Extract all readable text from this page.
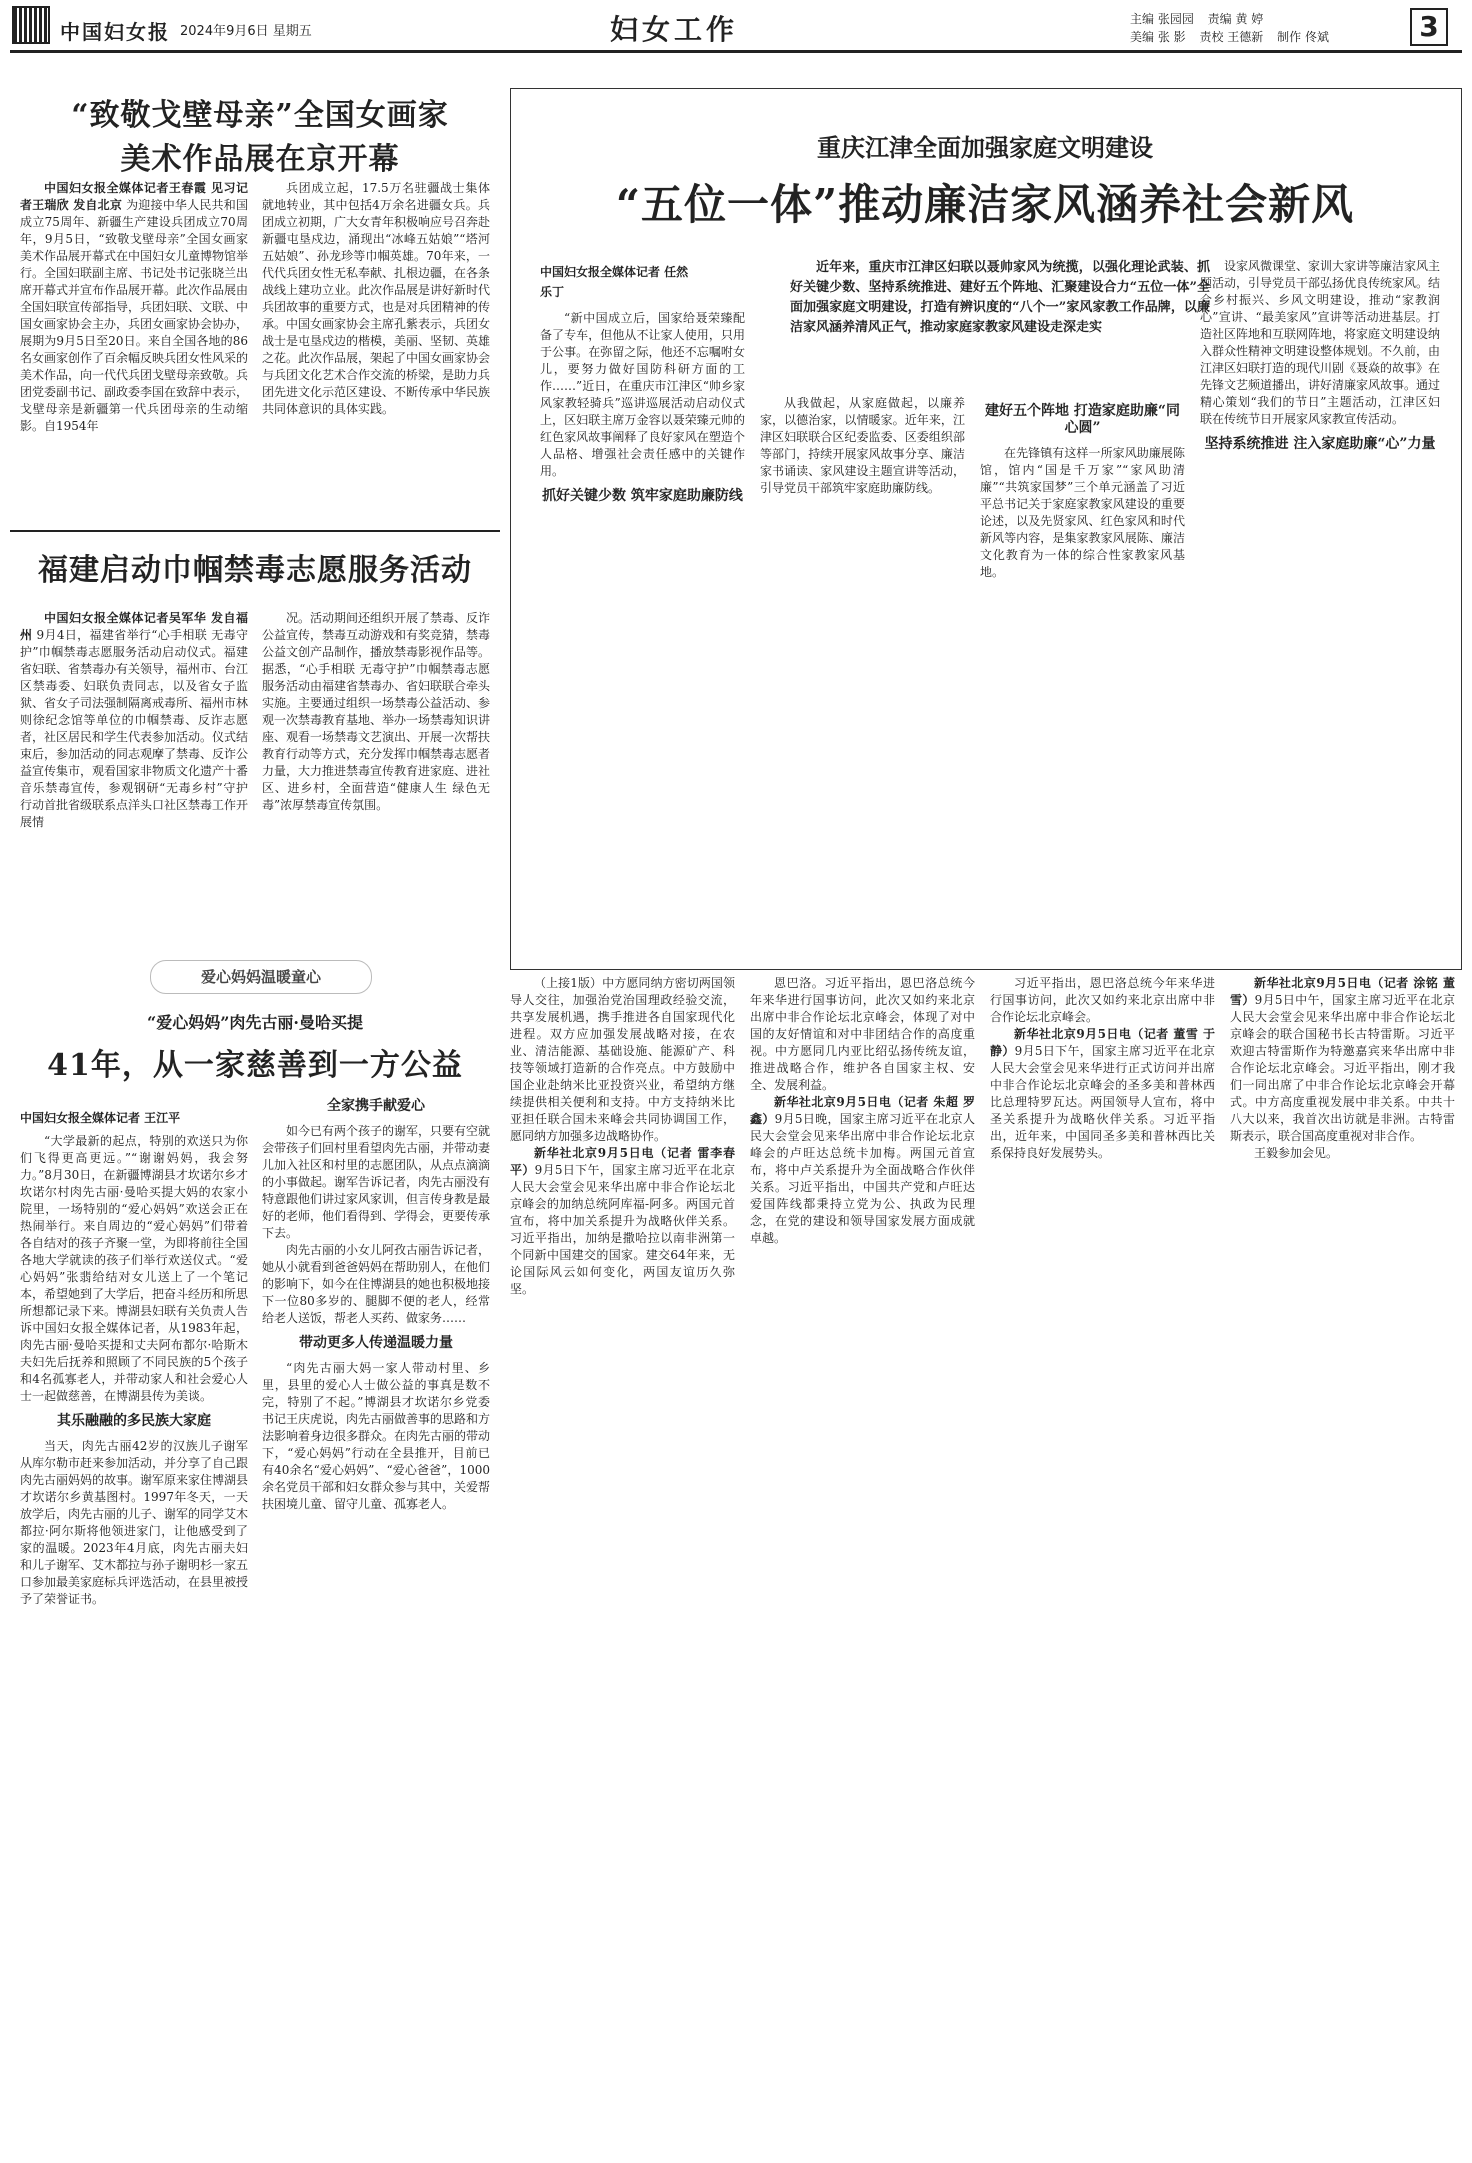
中国妇女报 2024年9月6日 星期五	妇女工作	主编 张园园 责编 黄 婷
美编 张 影 责校 王德新 制作 佟斌	3
“致敬戈壁母亲”全国女画家
美术作品展在京开幕

中国妇女报全媒体记者王春霞 见习记者王瑞欣 发自北京 为迎接中华人民共和国成立75周年、新疆生产建设兵团成立70周年，9月5日，“致敬戈壁母亲”全国女画家美术作品展开幕式在中国妇女儿童博物馆举行。全国妇联副主席、书记处书记张晓兰出席开幕式并宣布作品展开幕。此次作品展由全国妇联宣传部指导，兵团妇联、文联、中国女画家协会主办，兵团女画家协会协办，展期为9月5日至20日。来自全国各地的86名女画家创作了百余幅反映兵团女性风采的美术作品，向一代代兵团戈壁母亲致敬。兵团党委副书记、副政委李国在致辞中表示，戈壁母亲是新疆第一代兵团母亲的生动缩影。自1954年

兵团成立起，17.5万名驻疆战士集体就地转业，其中包括4万余名进疆女兵。兵团成立初期，广大女青年积极响应号召奔赴新疆屯垦戍边，涌现出“冰峰五姑娘”“塔河五姑娘”、孙龙珍等巾帼英雄。70年来，一代代兵团女性无私奉献、扎根边疆，在各条战线上建功立业。此次作品展是讲好新时代兵团故事的重要方式，也是对兵团精神的传承。中国女画家协会主席孔紫表示，兵团女战士是屯垦戍边的楷模，美丽、坚韧、英雄之花。此次作品展，架起了中国女画家协会与兵团文化艺术合作交流的桥梁，是助力兵团先进文化示范区建设、不断传承中华民族共同体意识的具体实践。

福建启动巾帼禁毒志愿服务活动

中国妇女报全媒体记者吴军华 发自福州 9月4日，福建省举行“心手相联 无毒守护”巾帼禁毒志愿服务活动启动仪式。福建省妇联、省禁毒办有关领导，福州市、台江区禁毒委、妇联负责同志，以及省女子监狱、省女子司法强制隔离戒毒所、福州市林则徐纪念馆等单位的巾帼禁毒、反诈志愿者，社区居民和学生代表参加活动。仪式结束后，参加活动的同志观摩了禁毒、反诈公益宣传集市，观看国家非物质文化遗产十番音乐禁毒宣传，参观钢研“无毒乡村”守护行动首批省级联系点洋头口社区禁毒工作开展情

况。活动期间还组织开展了禁毒、反诈公益宣传，禁毒互动游戏和有奖竞猜，禁毒公益文创产品制作，播放禁毒影视作品等。据悉，“心手相联 无毒守护”巾帼禁毒志愿服务活动由福建省禁毒办、省妇联联合牵头实施。主要通过组织一场禁毒公益活动、参观一次禁毒教育基地、举办一场禁毒知识讲座、观看一场禁毒文艺演出、开展一次帮扶教育行动等方式，充分发挥巾帼禁毒志愿者力量，大力推进禁毒宣传教育进家庭、进社区、进乡村，全面营造“健康人生 绿色无毒”浓厚禁毒宣传氛围。

爱心妈妈温暖童心
“爱心妈妈”肉先古丽·曼哈买提
41年，从一家慈善到一方公益

中国妇女报全媒体记者 王江平

“大学最新的起点，特别的欢送只为你们飞得更高更远。”“谢谢妈妈，我会努力。”8月30日，在新疆博湖县才坎诺尔乡才坎诺尔村肉先古丽·曼哈买提大妈的农家小院里，一场特别的“爱心妈妈”欢送会正在热闹举行。来自周边的“爱心妈妈”们带着各自结对的孩子齐聚一堂，为即将前往全国各地大学就读的孩子们举行欢送仪式。“爱心妈妈”张翡给结对女儿送上了一个笔记本，希望她到了大学后，把奋斗经历和所思所想都记录下来。博湖县妇联有关负责人告诉中国妇女报全媒体记者，从1983年起，肉先古丽·曼哈买提和丈夫阿布都尔·哈斯木夫妇先后抚养和照顾了不同民族的5个孩子和4名孤寡老人，并带动家人和社会爱心人士一起做慈善，在博湖县传为美谈。

其乐融融的多民族大家庭

当天，肉先古丽42岁的汉族儿子谢军从库尔勒市赶来参加活动，并分享了自己跟肉先古丽妈妈的故事。谢军原来家住博湖县才坎诺尔乡黄基图村。1997年冬天，一天放学后，肉先古丽的儿子、谢军的同学艾木都拉·阿尔斯将他领进家门，让他感受到了家的温暖。2023年4月底，肉先古丽夫妇和儿子谢军、艾木都拉与孙子谢明杉一家五口参加最美家庭标兵评选活动，在县里被授予了荣誉证书。

全家携手献爱心

如今已有两个孩子的谢军，只要有空就会带孩子们回村里看望肉先古丽，并带动妻儿加入社区和村里的志愿团队，从点点滴滴的小事做起。谢军告诉记者，肉先古丽没有特意跟他们讲过家风家训，但言传身教是最好的老师，他们看得到、学得会，更要传承下去。

肉先古丽的小女儿阿孜古丽告诉记者，她从小就看到爸爸妈妈在帮助别人，在他们的影响下，如今在住博湖县的她也积极地接下一位80多岁的、腿脚不便的老人，经常给老人送饭，帮老人买药、做家务……

带动更多人传递温暖力量

“肉先古丽大妈一家人带动村里、乡里，县里的爱心人士做公益的事真是数不完，特别了不起。”博湖县才坎诺尔乡党委书记王庆虎说，肉先古丽做善事的思路和方法影响着身边很多群众。在肉先古丽的带动下，“爱心妈妈”行动在全县推开，目前已有40余名“爱心妈妈”、“爱心爸爸”，1000余名党员干部和妇女群众参与其中，关爱帮扶困境儿童、留守儿童、孤寡老人。

重庆江津全面加强家庭文明建设
“五位一体”推动廉洁家风涵养社会新风
中国妇女报全媒体记者 任然
乐丁
近年来，重庆市江津区妇联以聂帅家风为统揽，以强化理论武装、抓好关键少数、坚持系统推进、建好五个阵地、汇聚建设合力“五位一体”全面加强家庭文明建设，打造有辨识度的“八个一”家风家教工作品牌，以廉洁家风涵养清风正气，推动家庭家教家风建设走深走实

“新中国成立后，国家给聂荣臻配备了专车，但他从不让家人使用，只用于公事。在弥留之际，他还不忘嘱咐女儿，要努力做好国防科研方面的工作……”近日，在重庆市江津区“帅乡家风家教轻骑兵”巡讲巡展活动启动仪式上，区妇联主席万金容以聂荣臻元帅的红色家风故事阐释了良好家风在塑造个人品格、增强社会责任感中的关键作用。

抓好关键少数 筑牢家庭助廉防线

从我做起，从家庭做起，以廉养家，以德治家，以情暖家。近年来，江津区妇联联合区纪委监委、区委组织部等部门，持续开展家风故事分享、廉洁家书诵读、家风建设主题宣讲等活动，引导党员干部筑牢家庭助廉防线。

建好五个阵地 打造家庭助廉“同心圆”

在先锋镇有这样一所家风助廉展陈馆，馆内“国是千万家”“家风助清廉”“共筑家国梦”三个单元涵盖了习近平总书记关于家庭家教家风建设的重要论述，以及先贤家风、红色家风和时代新风等内容，是集家教家风展陈、廉洁文化教育为一体的综合性家教家风基地。

设家风微课堂、家训大家讲等廉洁家风主题活动，引导党员干部弘扬优良传统家风。结合乡村振兴、乡风文明建设，推动“家教润心”宣讲、“最美家风”宣讲等活动进基层。打造社区阵地和互联网阵地，将家庭文明建设纳入群众性精神文明建设整体规划。不久前，由江津区妇联打造的现代川剧《聂焱的故事》在先锋文艺频道播出，讲好清廉家风故事。通过精心策划“我们的节日”主题活动，江津区妇联在传统节日开展家风家教宣传活动。

坚持系统推进 注入家庭助廉“心”力量

（上接1版）中方愿同纳方密切两国领导人交往，加强治党治国理政经验交流，共享发展机遇，携手推进各自国家现代化进程。双方应加强发展战略对接，在农业、清洁能源、基础设施、能源矿产、科技等领域打造新的合作亮点。中方鼓励中国企业赴纳米比亚投资兴业，希望纳方继续提供相关便利和支持。中方支持纳米比亚担任联合国未来峰会共同协调国工作，愿同纳方加强多边战略协作。

新华社北京9月5日电（记者 雷李春平）9月5日下午，国家主席习近平在北京人民大会堂会见来华出席中非合作论坛北京峰会的加纳总统阿库福-阿多。两国元首宣布，将中加关系提升为战略伙伴关系。习近平指出，加纳是撒哈拉以南非洲第一个同新中国建交的国家。建交64年来，无论国际风云如何变化，两国友谊历久弥坚。

恩巴洛。习近平指出，恩巴洛总统今年来华进行国事访问，此次又如约来北京出席中非合作论坛北京峰会，体现了对中国的友好情谊和对中非团结合作的高度重视。中方愿同几内亚比绍弘扬传统友谊，推进战略合作，维护各自国家主权、安全、发展利益。

新华社北京9月5日电（记者 朱超 罗鑫）9月5日晚，国家主席习近平在北京人民大会堂会见来华出席中非合作论坛北京峰会的卢旺达总统卡加梅。两国元首宣布，将中卢关系提升为全面战略合作伙伴关系。习近平指出，中国共产党和卢旺达爱国阵线都秉持立党为公、执政为民理念，在党的建设和领导国家发展方面成就卓越。

习近平指出，恩巴洛总统今年来华进行国事访问，此次又如约来北京出席中非合作论坛北京峰会。

新华社北京9月5日电（记者 董雪 于静）9月5日下午，国家主席习近平在北京人民大会堂会见来华进行正式访问并出席中非合作论坛北京峰会的圣多美和普林西比总理特罗瓦达。两国领导人宣布，将中圣关系提升为战略伙伴关系。习近平指出，近年来，中国同圣多美和普林西比关系保持良好发展势头。

新华社北京9月5日电（记者 涂铭 董雪）9月5日中午，国家主席习近平在北京人民大会堂会见来华出席中非合作论坛北京峰会的联合国秘书长古特雷斯。习近平欢迎古特雷斯作为特邀嘉宾来华出席中非合作论坛北京峰会。习近平指出，刚才我们一同出席了中非合作论坛北京峰会开幕式。中方高度重视发展中非关系。中共十八大以来，我首次出访就是非洲。古特雷斯表示，联合国高度重视对非合作。

王毅参加会见。
